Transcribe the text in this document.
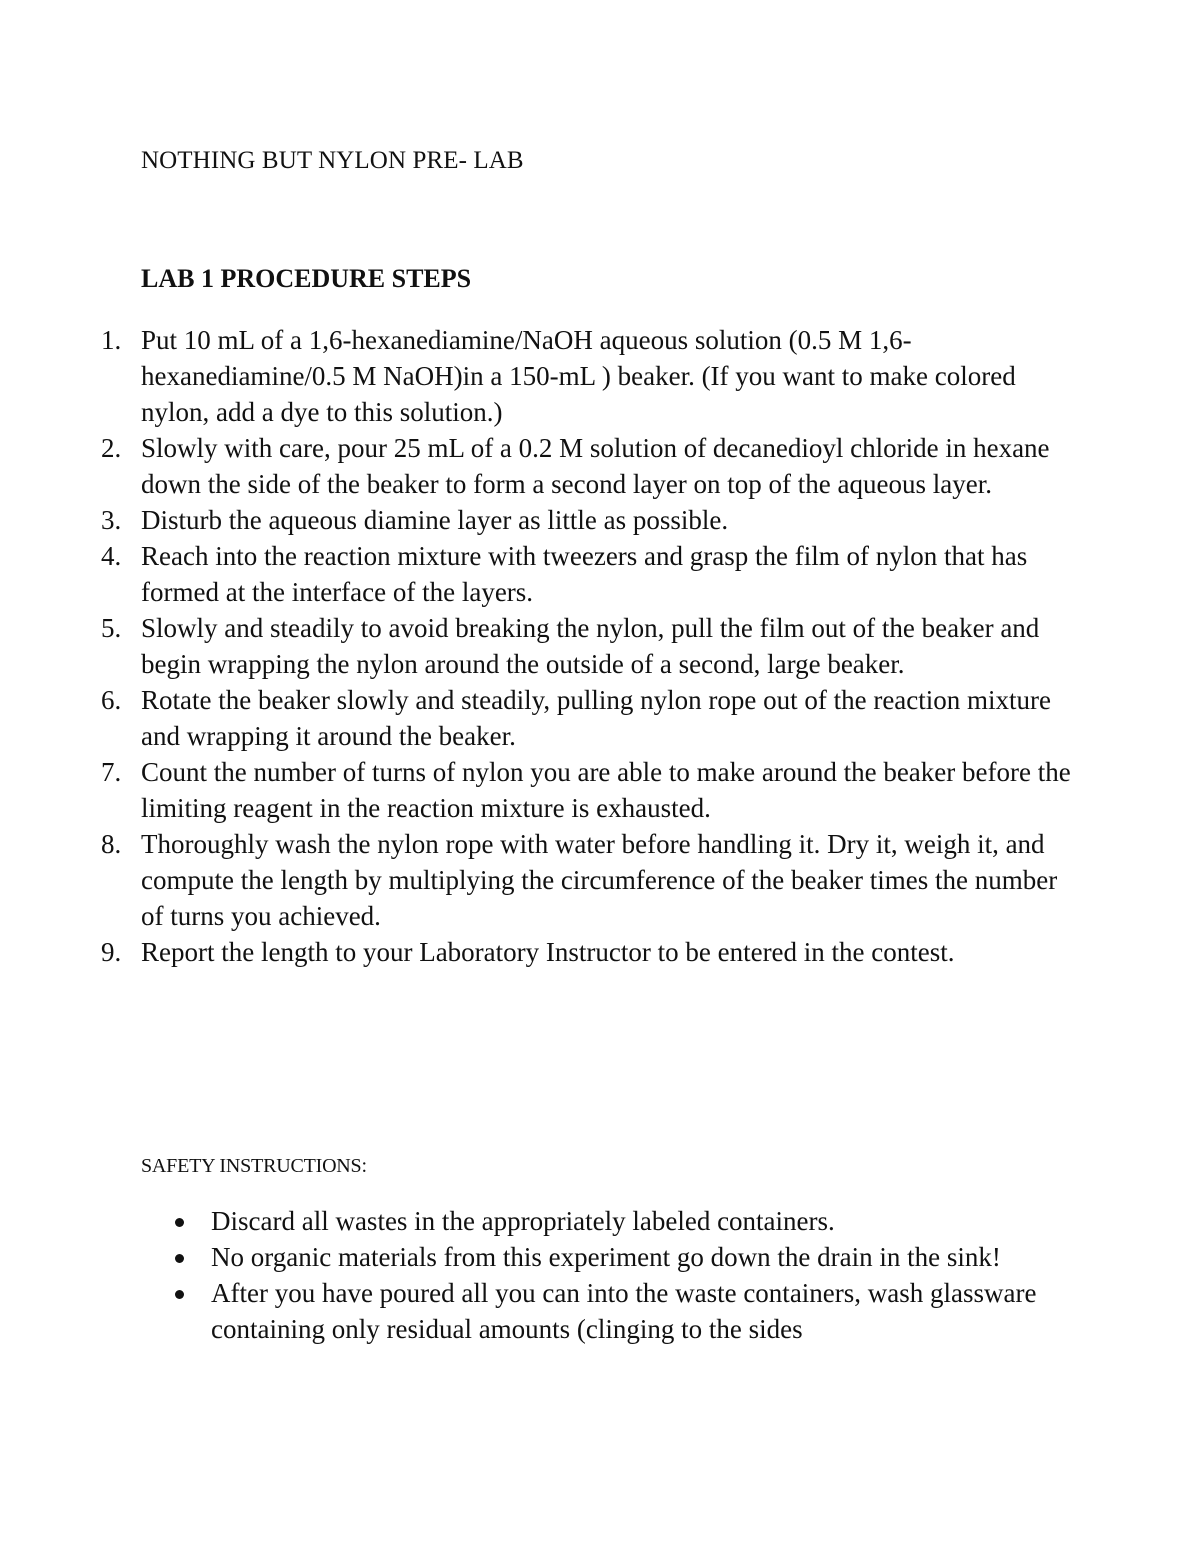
NOTHING BUT NYLON PRE- LAB
LAB 1 PROCEDURE STEPS
1. Put 10 mL of a 1,6-hexanediamine/NaOH aqueous solution (0.5 M 1,6-hexanediamine/0.5 M NaOH)in a 150-mL ) beaker. (If you want to make colored nylon, add a dye to this solution.)
2. Slowly with care, pour 25 mL of a 0.2 M solution of decanedioyl chloride in hexane down the side of the beaker to form a second layer on top of the aqueous layer.
3. Disturb the aqueous diamine layer as little as possible.
4. Reach into the reaction mixture with tweezers and grasp the film of nylon that has formed at the interface of the layers.
5. Slowly and steadily to avoid breaking the nylon, pull the film out of the beaker and begin wrapping the nylon around the outside of a second, large beaker.
6. Rotate the beaker slowly and steadily, pulling nylon rope out of the reaction mixture and wrapping it around the beaker.
7. Count the number of turns of nylon you are able to make around the beaker before the limiting reagent in the reaction mixture is exhausted.
8. Thoroughly wash the nylon rope with water before handling it. Dry it, weigh it, and compute the length by multiplying the circumference of the beaker times the number of turns you achieved.
9. Report the length to your Laboratory Instructor to be entered in the contest.
SAFETY INSTRUCTIONS:
Discard all wastes in the appropriately labeled containers.
No organic materials from this experiment go down the drain in the sink!
After you have poured all you can into the waste containers, wash glassware containing only residual amounts (clinging to the sides
